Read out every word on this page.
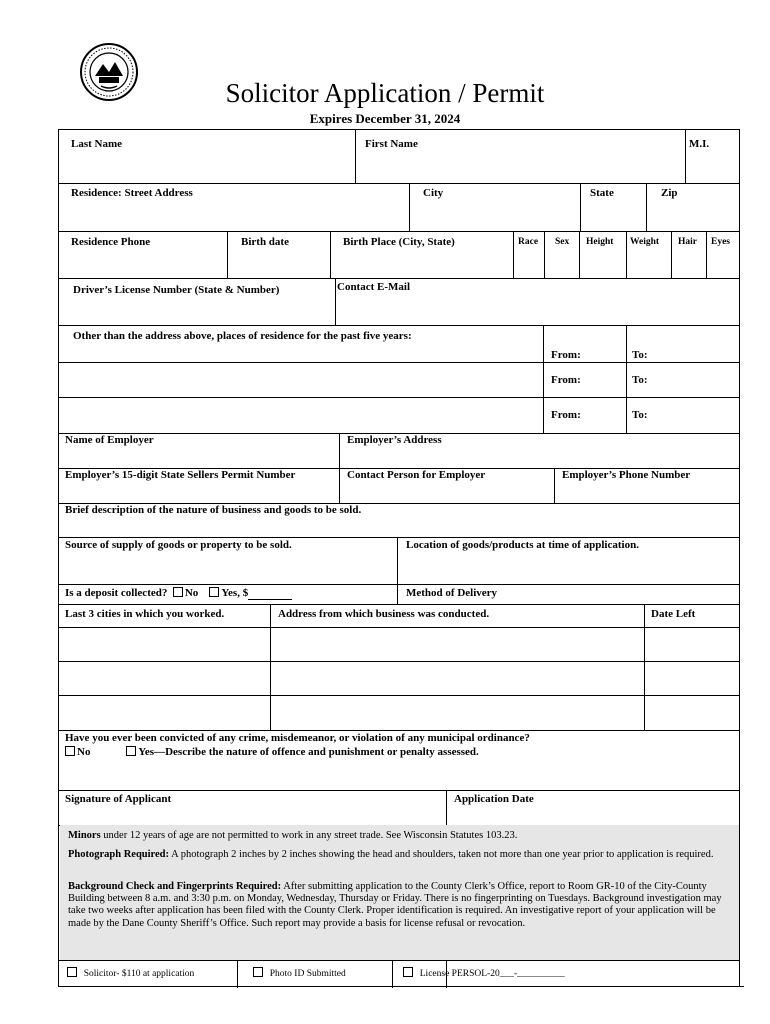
Solicitor Application / Permit
Expires December 31, 2024
Last Name	First Name	M.I.
Residence: Street Address	City	State	Zip
Residence Phone	Birth date	Birth Place (City, State)	Race Sex Height Weight Hair Eyes
Driver’s License Number (State & Number)	Contact E-Mail
Other than the address above, places of residence for the past five years:
From:	To:
From:	To:
From:	To:
Name of Employer	Employer’s Address
Employer’s 15-digit State Sellers Permit Number	Contact Person for Employer	Employer’s Phone Number
Brief description of the nature of business and goods to be sold.
Source of supply of goods or property to be sold.	Location of goods/products at time of application.
Is a deposit collected? No Yes, $	Method of Delivery
Last 3 cities in which you worked.	Address from which business was conducted.	Date Left
Have you ever been convicted of any crime, misdemeanor, or violation of any municipal ordinance?
No	Yes—Describe the nature of offence and punishment or penalty assessed.
Signature of Applicant	Application Date
Minors under 12 years of age are not permitted to work in any street trade. See Wisconsin Statutes 103.23.
Photograph Required: A photograph 2 inches by 2 inches showing the head and shoulders, taken not more than one year prior to application is required.
Background Check and Fingerprints Required: After submitting application to the County Clerk’s Office, report to Room GR-10 of the City-County Building between 8 a.m. and 3:30 p.m. on Monday, Wednesday, Thursday or Friday. There is no fingerprinting on Tuesdays. Background investigation may take two weeks after application has been filed with the County Clerk. Proper identification is required. An investigative report of your application will be made by the Dane County Sheriff’s Office. Such report may provide a basis for license refusal or revocation.
Solicitor- $110 at application	Photo ID Submitted	License PERSOL-20___-__________
